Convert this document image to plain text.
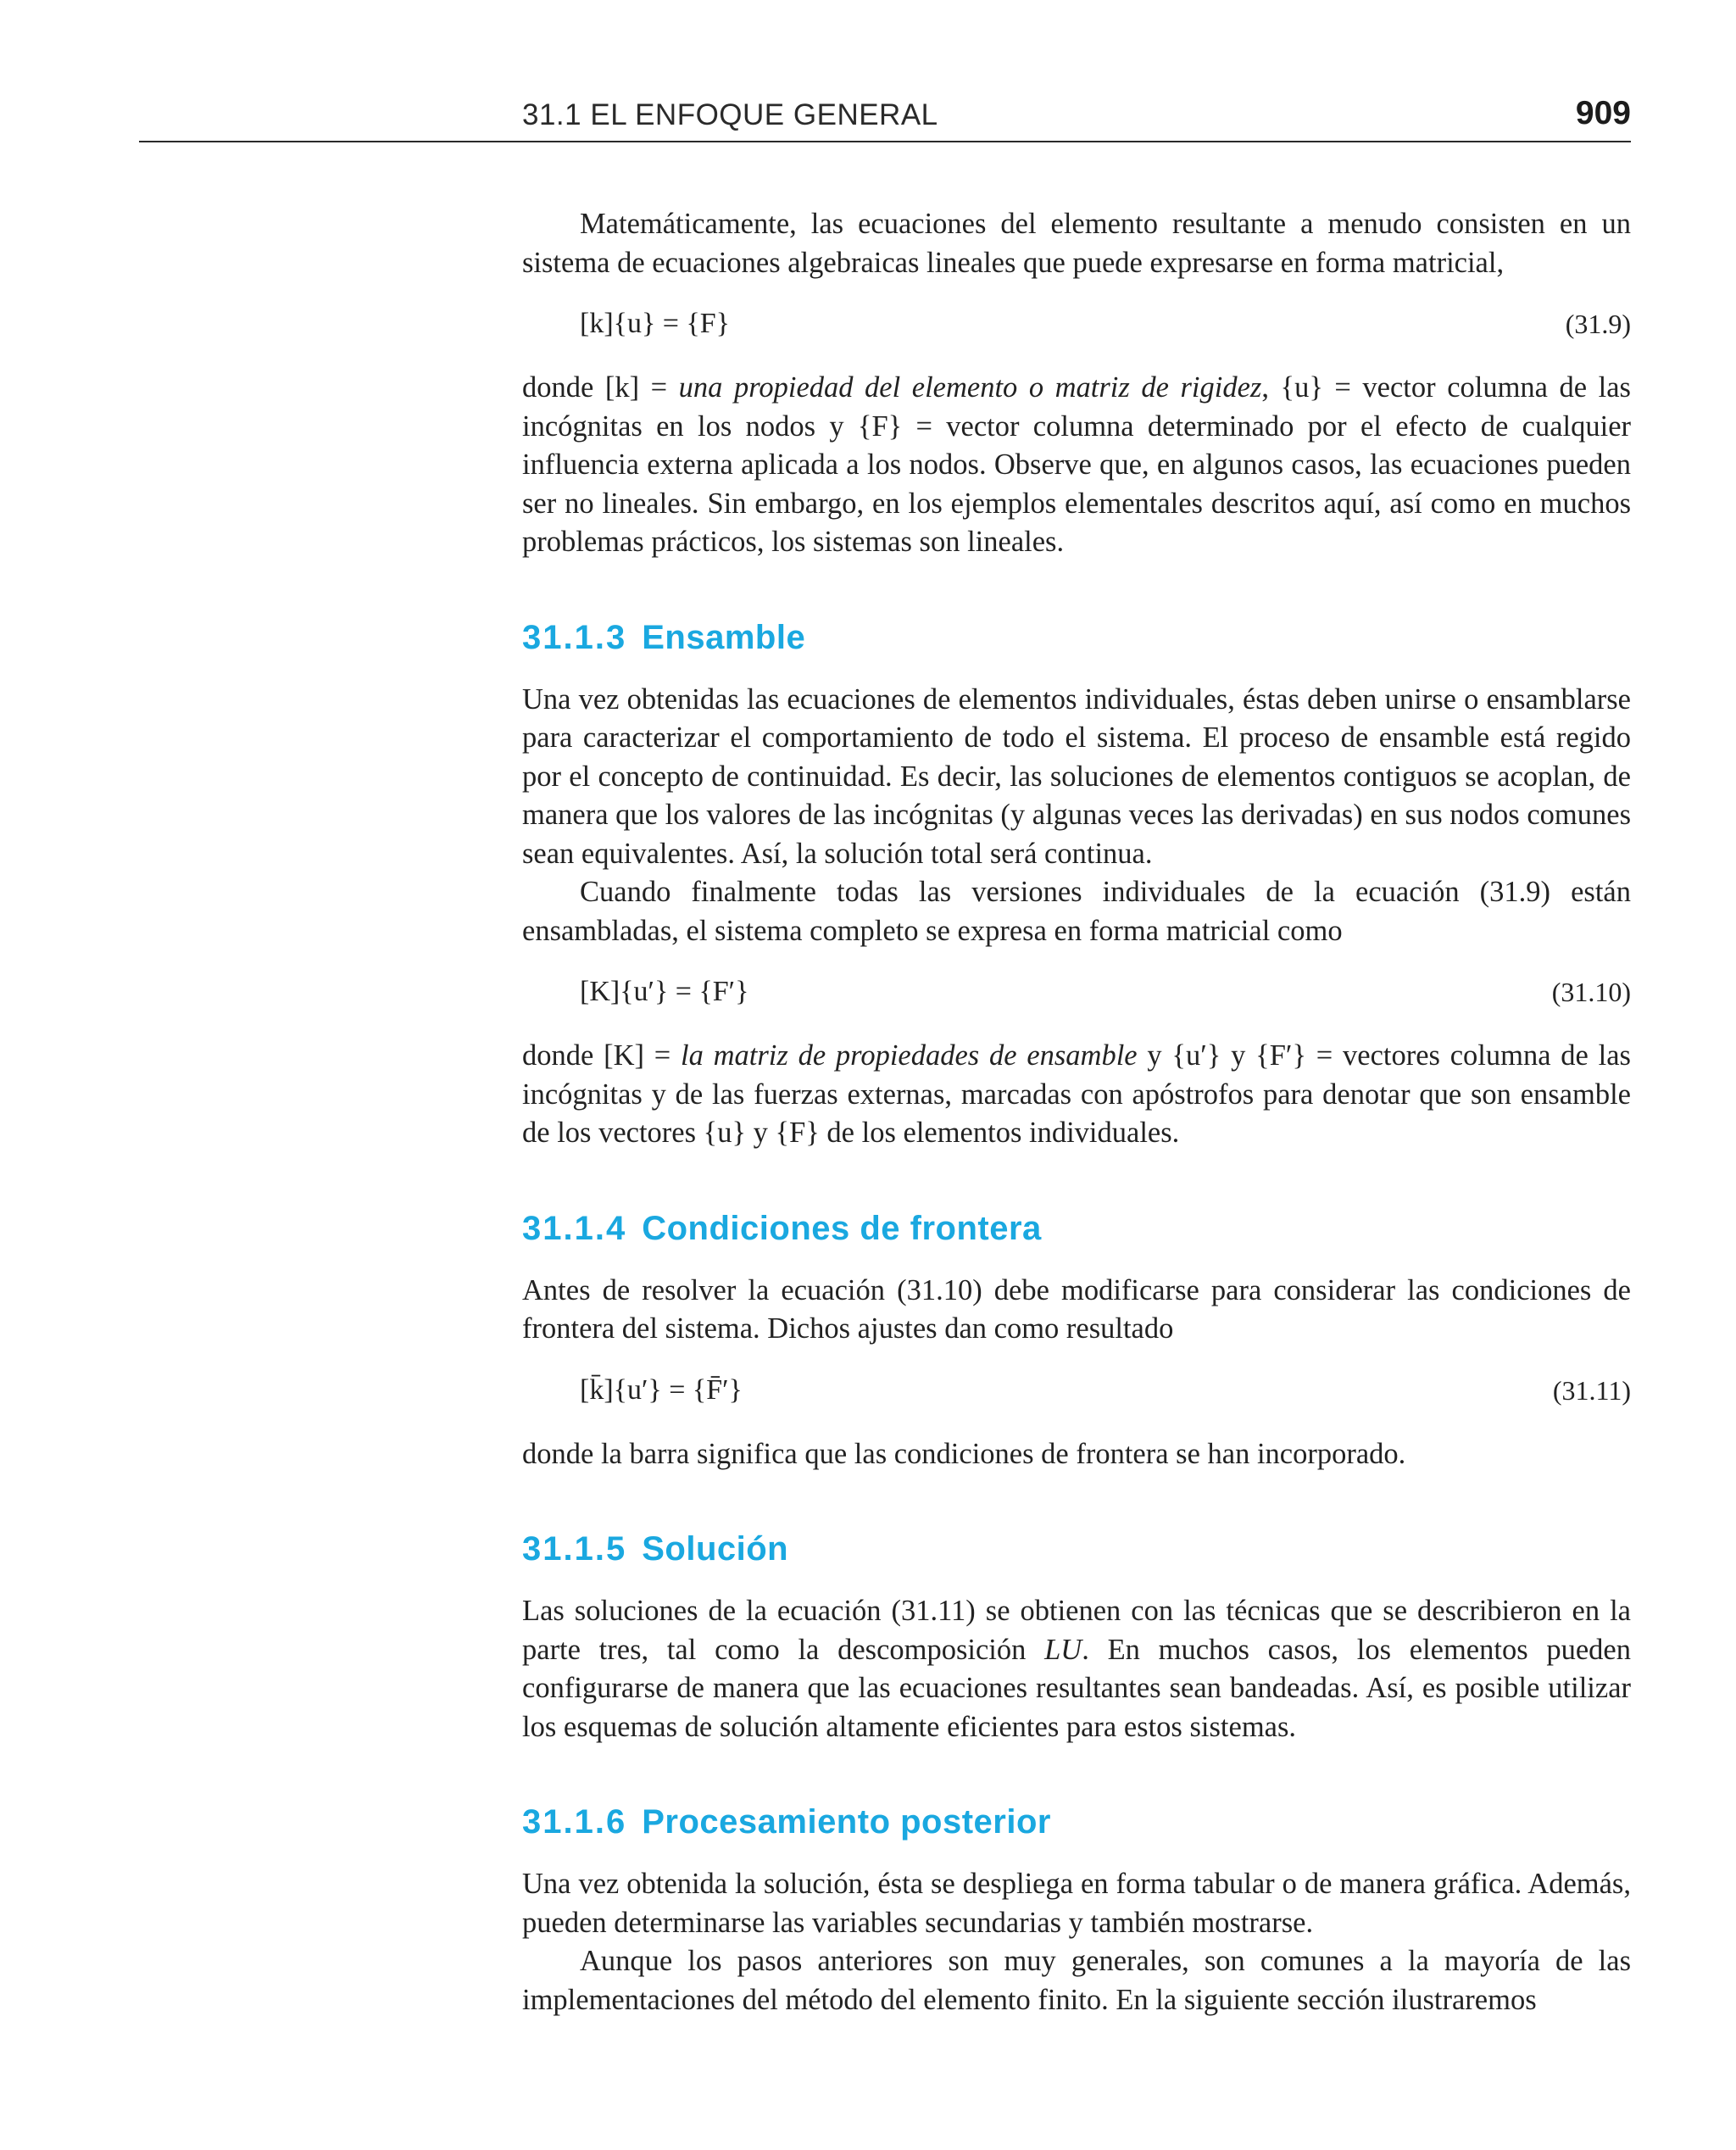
31.1 EL ENFOQUE GENERAL	909

Matemáticamente, las ecuaciones del elemento resultante a menudo consisten en un sistema de ecuaciones algebraicas lineales que puede expresarse en forma matricial,

[k]{u} = {F}	(31.9)

donde [k] = una propiedad del elemento o matriz de rigidez, {u} = vector columna de las incógnitas en los nodos y {F} = vector columna determinado por el efecto de cualquier influencia externa aplicada a los nodos. Observe que, en algunos casos, las ecuaciones pueden ser no lineales. Sin embargo, en los ejemplos elementales descritos aquí, así como en muchos problemas prácticos, los sistemas son lineales.

31.1.3 Ensamble

Una vez obtenidas las ecuaciones de elementos individuales, éstas deben unirse o ensamblarse para caracterizar el comportamiento de todo el sistema. El proceso de ensamble está regido por el concepto de continuidad. Es decir, las soluciones de elementos contiguos se acoplan, de manera que los valores de las incógnitas (y algunas veces las derivadas) en sus nodos comunes sean equivalentes. Así, la solución total será continua.

Cuando finalmente todas las versiones individuales de la ecuación (31.9) están ensambladas, el sistema completo se expresa en forma matricial como

[K]{u′} = {F′}	(31.10)

donde [K] = la matriz de propiedades de ensamble y {u′} y {F′} = vectores columna de las incógnitas y de las fuerzas externas, marcadas con apóstrofos para denotar que son ensamble de los vectores {u} y {F} de los elementos individuales.

31.1.4 Condiciones de frontera

Antes de resolver la ecuación (31.10) debe modificarse para considerar las condiciones de frontera del sistema. Dichos ajustes dan como resultado

[k̄]{u′} = {F̄′}	(31.11)

donde la barra significa que las condiciones de frontera se han incorporado.

31.1.5 Solución

Las soluciones de la ecuación (31.11) se obtienen con las técnicas que se describieron en la parte tres, tal como la descomposición LU. En muchos casos, los elementos pueden configurarse de manera que las ecuaciones resultantes sean bandeadas. Así, es posible utilizar los esquemas de solución altamente eficientes para estos sistemas.

31.1.6 Procesamiento posterior

Una vez obtenida la solución, ésta se despliega en forma tabular o de manera gráfica. Además, pueden determinarse las variables secundarias y también mostrarse.

Aunque los pasos anteriores son muy generales, son comunes a la mayoría de las implementaciones del método del elemento finito. En la siguiente sección ilustraremos
